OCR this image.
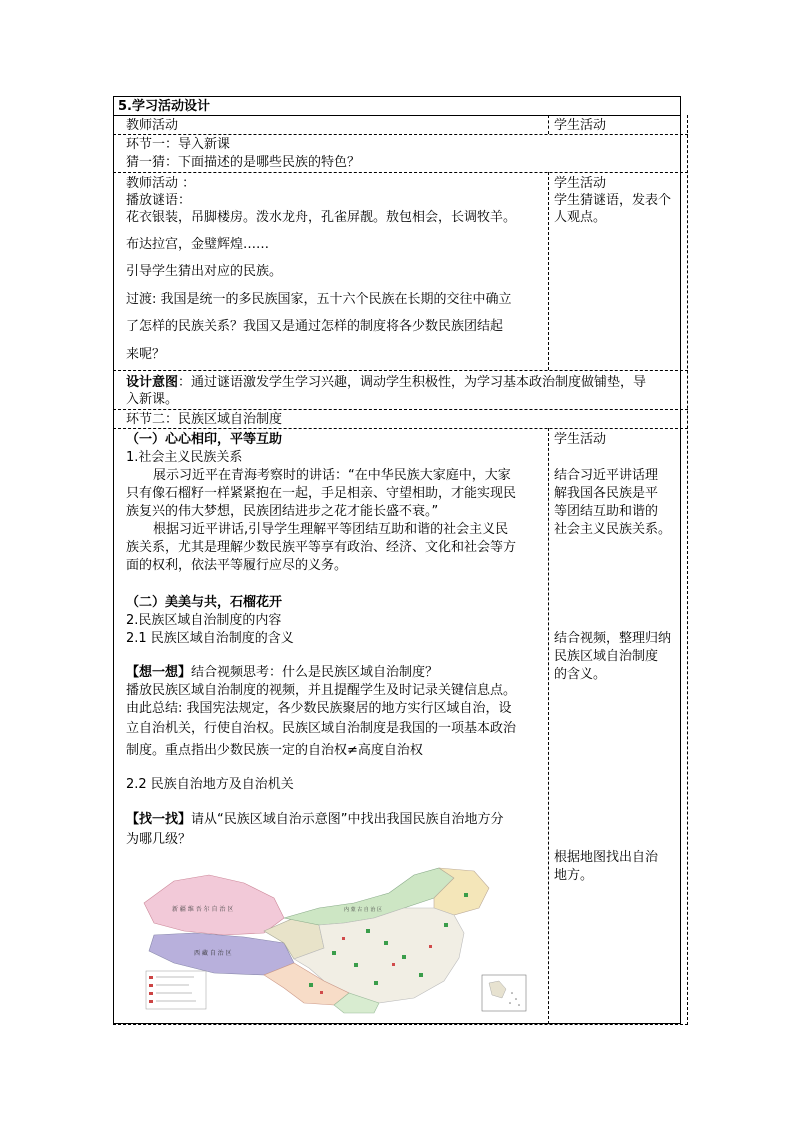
5.学习活动设计
教师活动	学生活动
环节一：导入新课
猜一猜：下面描述的是哪些民族的特色？
教师活动 ：
播放谜语：
花衣银装，吊脚楼房。泼水龙舟，孔雀屏靓。敖包相会，长调牧羊。
布达拉宫，金璧辉煌……
引导学生猜出对应的民族。
过渡: 我国是统一的多民族国家，五十六个民族在长期的交往中确立
了怎样的民族关系？我国又是通过怎样的制度将各少数民族团结起
来呢？
学生活动
学生猜谜语，发表个
人观点。
设计意图：通过谜语激发学生学习兴趣，调动学生积极性，为学习基本政治制度做铺垫，导
入新课。
环节二：民族区域自治制度
（一）心心相印，平等互助
1.社会主义民族关系
展示习近平在青海考察时的讲话：“在中华民族大家庭中，大家
只有像石榴籽一样紧紧抱在一起，手足相亲、守望相助，才能实现民
族复兴的伟大梦想，民族团结进步之花才能长盛不衰。”
根据习近平讲话,引导学生理解平等团结互助和谐的社会主义民
族关系，尤其是理解少数民族平等享有政治、经济、文化和社会等方
面的权利，依法平等履行应尽的义务。
学生活动
结合习近平讲话理
解我国各民族是平
等团结互助和谐的
社会主义民族关系。
（二）美美与共，石榴花开
2.民族区域自治制度的内容
2.1 民族区域自治制度的含义
【想一想】结合视频思考：什么是民族区域自治制度？
播放民族区域自治制度的视频，并且提醒学生及时记录关键信息点。
由此总结: 我国宪法规定，各少数民族聚居的地方实行区域自治，设
立自治机关，行使自治权。民族区域自治制度是我国的一项基本政治
制度。重点指出少数民族一定的自治权≠高度自治权
结合视频，整理归纳
民族区域自治制度
的含义。
2.2 民族自治地方及自治机关
【找一找】请从“民族区域自治示意图”中找出我国民族自治地方分
为哪几级？
根据地图找出自治
地方。
新 疆 维 吾 尔 自 治 区
西 藏 自 治 区
内 蒙 古 自 治 区
